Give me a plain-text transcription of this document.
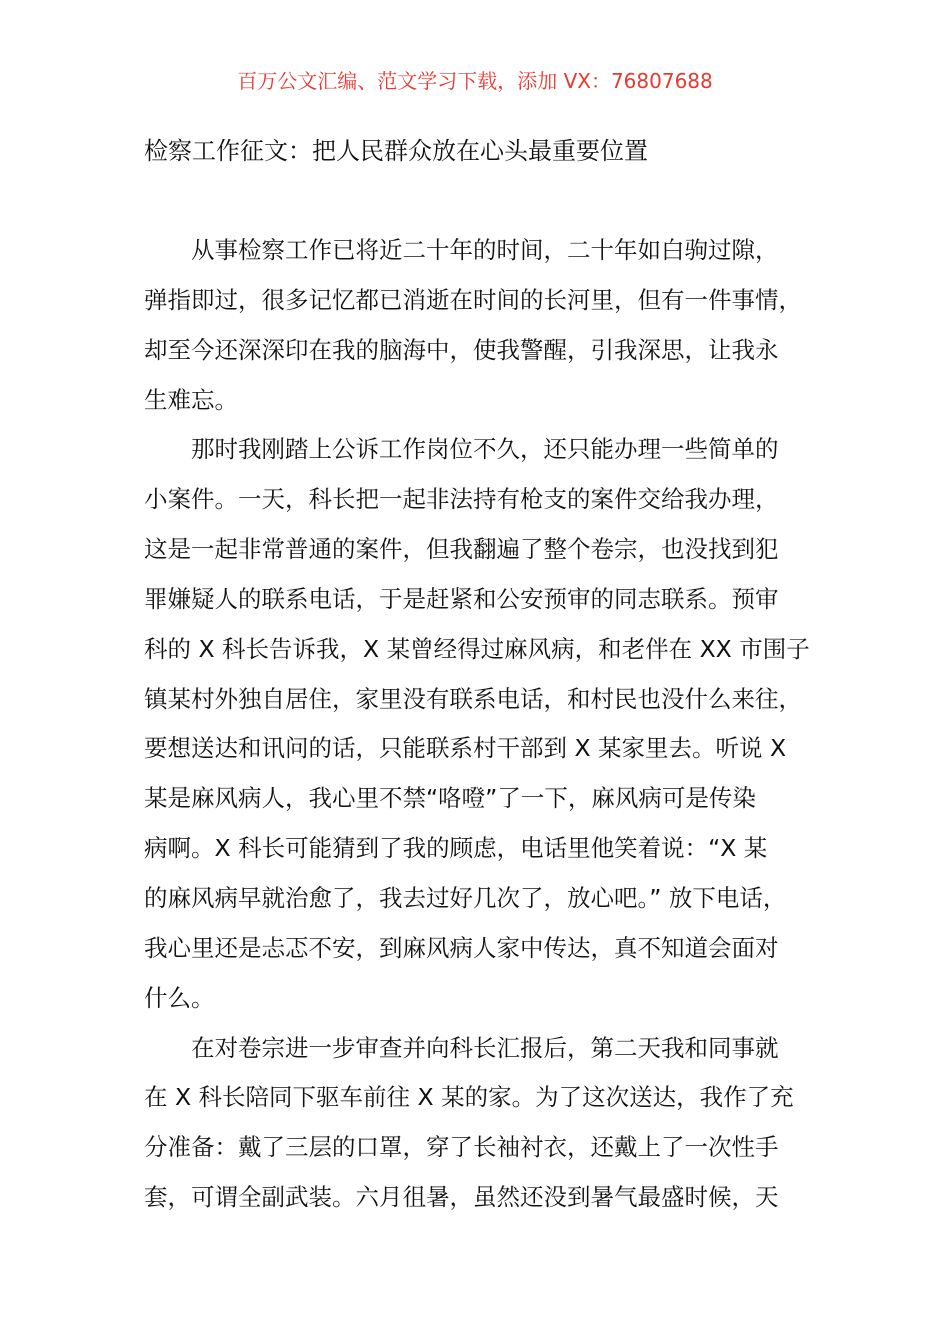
百万公文汇编、范文学习下载，添加 VX：76807688
检察工作征文：把人民群众放在心头最重要位置
从事检察工作已将近二十年的时间，二十年如白驹过隙，
弹指即过，很多记忆都已消逝在时间的长河里，但有一件事情，
却至今还深深印在我的脑海中，使我警醒，引我深思，让我永
生难忘。
那时我刚踏上公诉工作岗位不久，还只能办理一些简单的
小案件。一天，科长把一起非法持有枪支的案件交给我办理，
这是一起非常普通的案件，但我翻遍了整个卷宗，也没找到犯
罪嫌疑人的联系电话，于是赶紧和公安预审的同志联系。预审
科的 X 科长告诉我，X 某曾经得过麻风病，和老伴在 XX 市围子
镇某村外独自居住，家里没有联系电话，和村民也没什么来往，
要想送达和讯问的话，只能联系村干部到 X 某家里去。听说 X
某是麻风病人，我心里不禁“咯噔”了一下，麻风病可是传染
病啊。X 科长可能猜到了我的顾虑，电话里他笑着说：“X 某
的麻风病早就治愈了，我去过好几次了，放心吧。” 放下电话，
我心里还是忐忑不安，到麻风病人家中传达，真不知道会面对
什么。
在对卷宗进一步审查并向科长汇报后，第二天我和同事就
在 X 科长陪同下驱车前往 X 某的家。为了这次送达，我作了充
分准备：戴了三层的口罩，穿了长袖衬衣，还戴上了一次性手
套，可谓全副武装。六月徂暑，虽然还没到暑气最盛时候，天
